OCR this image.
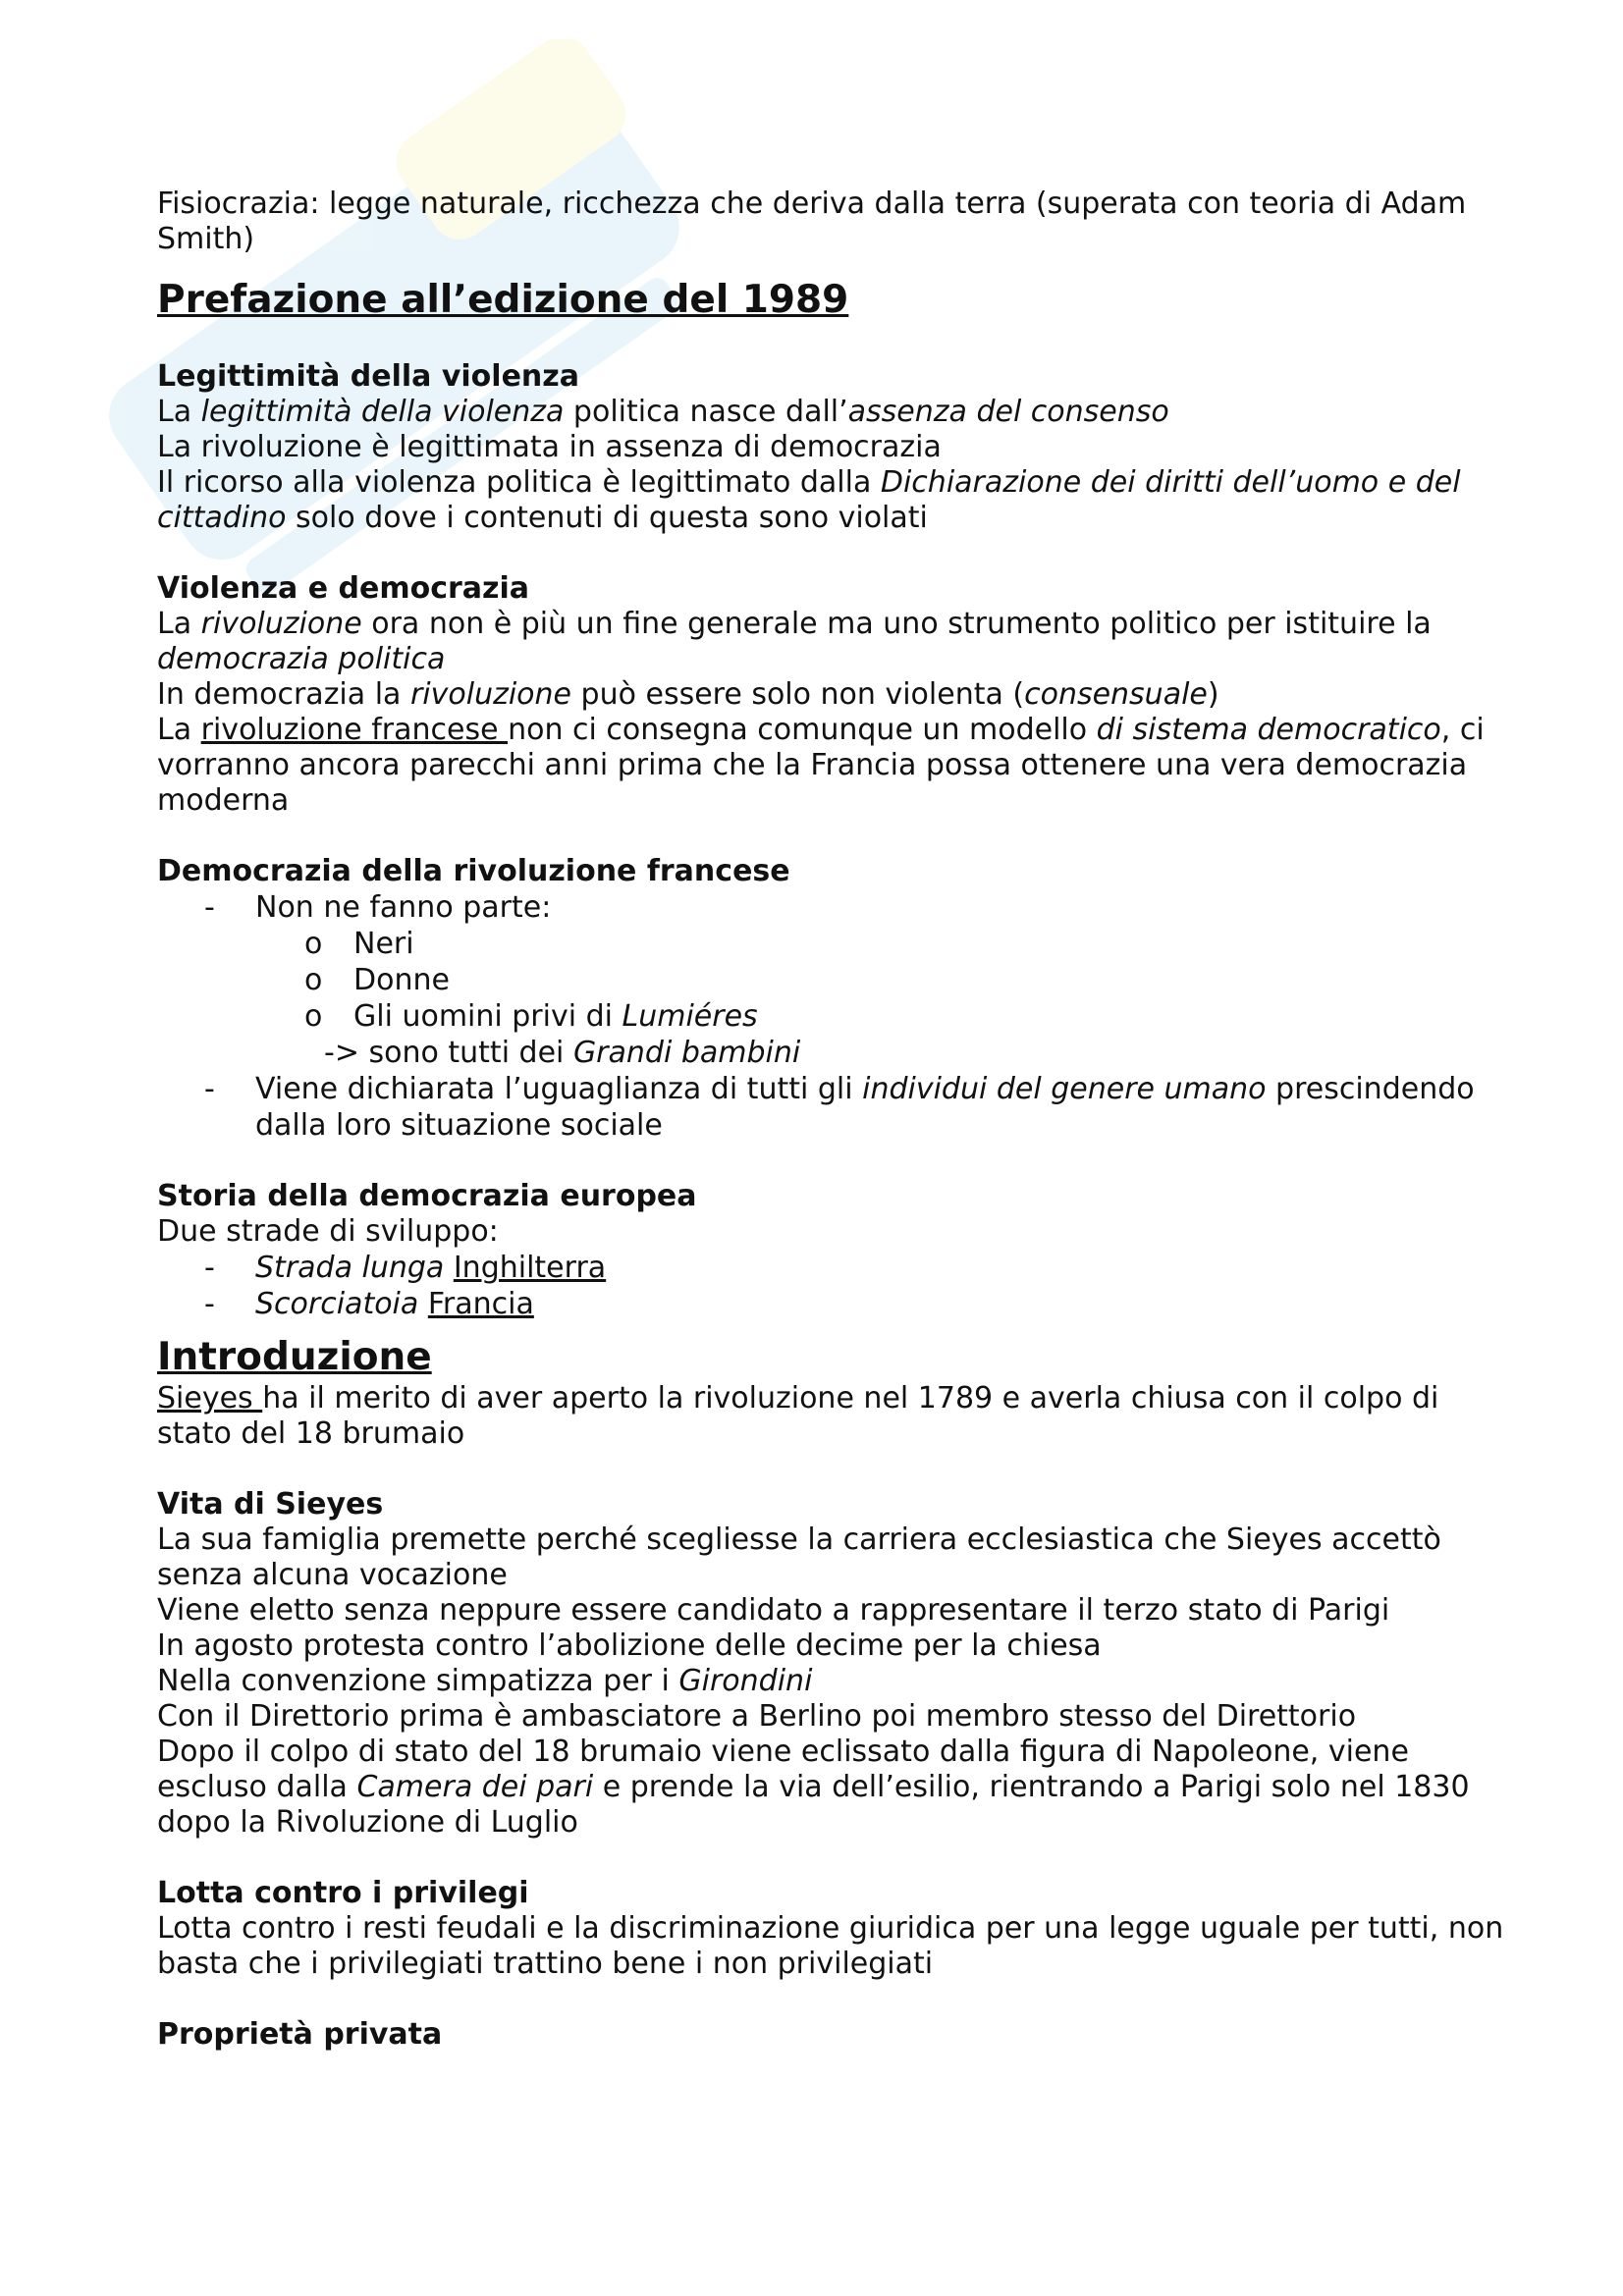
Fisiocrazia: legge naturale, ricchezza che deriva dalla terra (superata con teoria di Adam Smith)

Prefazione all’edizione del 1989
Legittimità della violenza

La legittimità della violenza politica nasce dall’assenza del consenso

La rivoluzione è legittimata in assenza di democrazia

Il ricorso alla violenza politica è legittimato dalla Dichiarazione dei diritti dell’uomo e del cittadino solo dove i contenuti di questa sono violati

Violenza e democrazia

La rivoluzione ora non è più un fine generale ma uno strumento politico per istituire la democrazia politica

In democrazia la rivoluzione può essere solo non violenta (consensuale)

La rivoluzione francese non ci consegna comunque un modello di sistema democratico, ci vorranno ancora parecchi anni prima che la Francia possa ottenere una vera democrazia moderna

Democrazia della rivoluzione francese
- Non ne fanno parte:
o Neri
o Donne
o Gli uomini privi di Lumiéres
-> sono tutti dei Grandi bambini
- Viene dichiarata l’uguaglianza di tutti gli individui del genere umano prescindendo dalla loro situazione sociale
Storia della democrazia europea

Due strade di sviluppo:

- Strada lunga Inghilterra
- Scorciatoia Francia
Introduzione

Sieyes ha il merito di aver aperto la rivoluzione nel 1789 e averla chiusa con il colpo di stato del 18 brumaio

Vita di Sieyes

La sua famiglia premette perché scegliesse la carriera ecclesiastica che Sieyes accettò senza alcuna vocazione

Viene eletto senza neppure essere candidato a rappresentare il terzo stato di Parigi

In agosto protesta contro l’abolizione delle decime per la chiesa

Nella convenzione simpatizza per i Girondini

Con il Direttorio prima è ambasciatore a Berlino poi membro stesso del Direttorio

Dopo il colpo di stato del 18 brumaio viene eclissato dalla figura di Napoleone, viene escluso dalla Camera dei pari e prende la via dell’esilio, rientrando a Parigi solo nel 1830 dopo la Rivoluzione di Luglio

Lotta contro i privilegi

Lotta contro i resti feudali e la discriminazione giuridica per una legge uguale per tutti, non basta che i privilegiati trattino bene i non privilegiati

Proprietà privata
